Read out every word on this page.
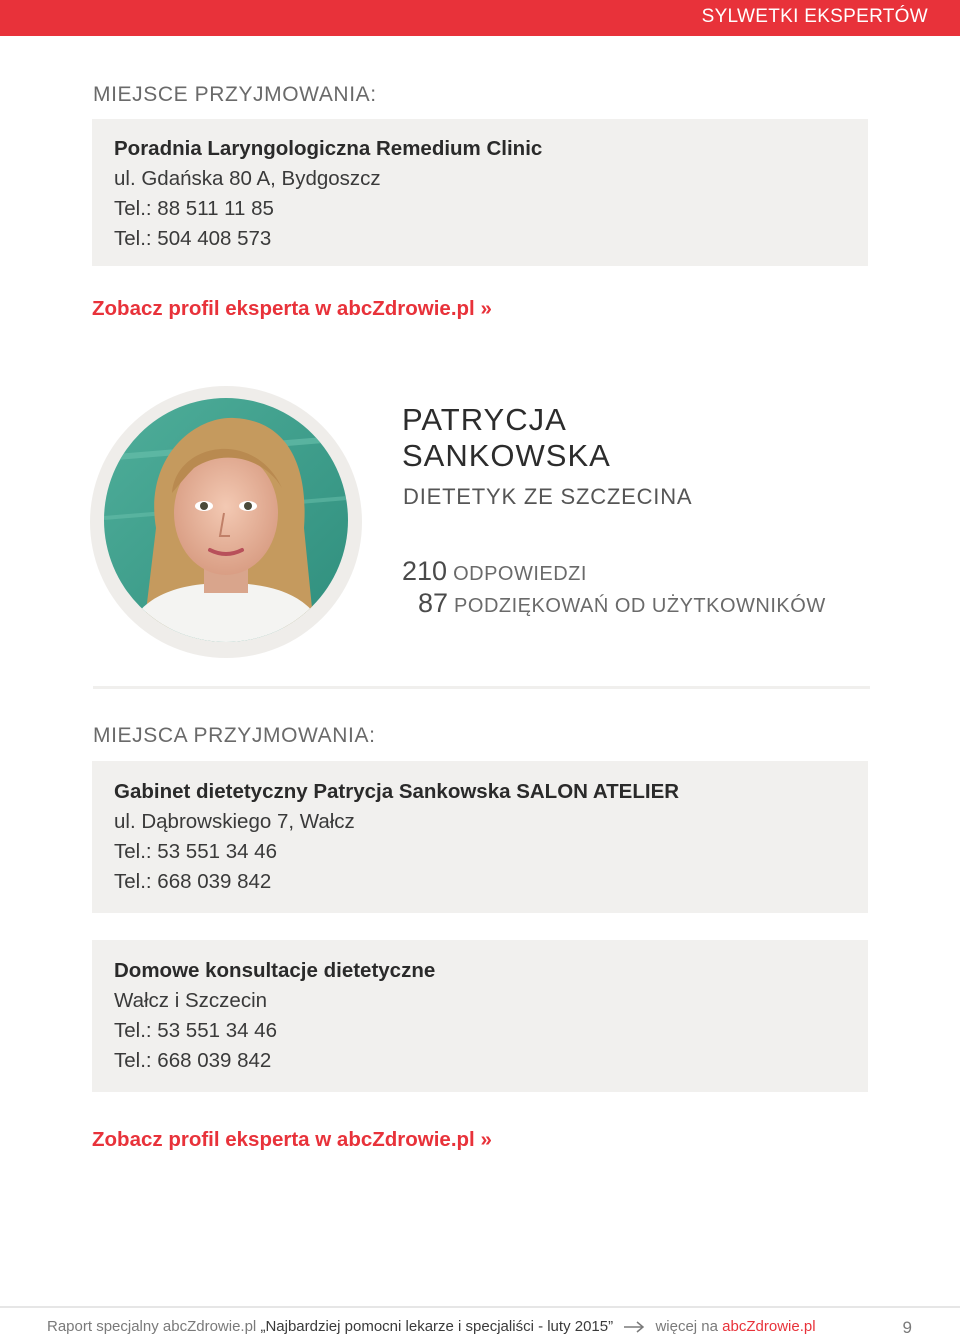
SYLWETKI EKSPERTÓW
MIEJSCE PRZYJMOWANIA:
Poradnia Laryngologiczna Remedium Clinic
ul. Gdańska 80 A, Bydgoszcz
Tel.: 88 511 11 85
Tel.: 504 408 573
Zobacz profil eksperta w abcZdrowie.pl »
PATRYCJA
SANKOWSKA
DIETETYK ZE SZCZECINA
210 ODPOWIEDZI
87 PODZIĘKOWAŃ OD UŻYTKOWNIKÓW
MIEJSCA PRZYJMOWANIA:
Gabinet dietetyczny Patrycja Sankowska SALON ATELIER
ul. Dąbrowskiego 7, Wałcz
Tel.: 53 551 34 46
Tel.: 668 039 842
Domowe konsultacje dietetyczne
Wałcz i Szczecin
Tel.: 53 551 34 46
Tel.: 668 039 842
Zobacz profil eksperta w abcZdrowie.pl »
Raport specjalny abcZdrowie.pl „Najbardziej pomocni lekarze i specjaliści - luty 2015”	więcej na abcZdrowie.pl	9
